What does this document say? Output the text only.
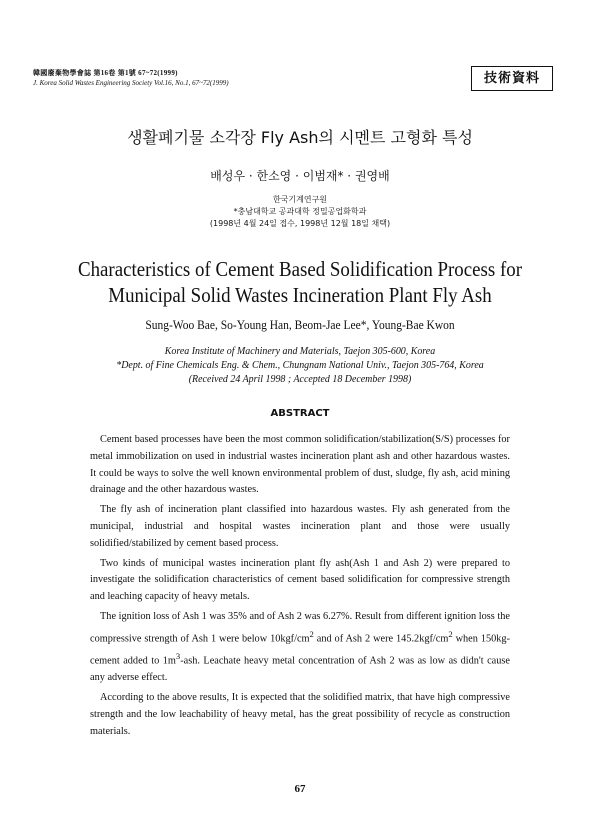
韓國廢棄物學會誌 第16卷 第1號 67~72(1999)
J. Korea Solid Wastes Engineering Society Vol.16, No.1, 67~72(1999)	技術資料
생활폐기물 소각장 Fly Ash의 시멘트 고형화 특성
배성우 · 한소영 · 이범재* · 권영배
한국기계연구원
*충남대학교 공과대학 정밀공업화학과
(1998년 4월 24일 접수, 1998년 12월 18일 채택)
Characteristics of Cement Based Solidification Process for
Municipal Solid Wastes Incineration Plant Fly Ash
Sung-Woo Bae, So-Young Han, Beom-Jae Lee*, Young-Bae Kwon
Korea Institute of Machinery and Materials, Taejon 305-600, Korea
*Dept. of Fine Chemicals Eng. & Chem., Chungnam National Univ., Taejon 305-764, Korea
(Received 24 April 1998 ; Accepted 18 December 1998)
ABSTRACT

Cement based processes have been the most common solidification/stabilization(S/S) processes for metal immobilization on used in industrial wastes incineration plant ash and other hazardous wastes. It could be ways to solve the well known environmental problem of dust, sludge, fly ash, acid mining drainage and the other hazardous wastes.

The fly ash of incineration plant classified into hazardous wastes. Fly ash generated from the municipal, industrial and hospital wastes incineration plant and those were usually solidified/stabilized by cement based process.

Two kinds of municipal wastes incineration plant fly ash(Ash 1 and Ash 2) were prepared to investigate the solidification characteristics of cement based solidification for compressive strength and leaching capacity of heavy metals.

The ignition loss of Ash 1 was 35% and of Ash 2 was 6.27%. Result from different ignition loss the compressive strength of Ash 1 were below $10kgf/cm^2$ and of Ash 2 were $145.2kgf/cm^2$ when 150kg-cement added to $1m^3$-ash. Leachate heavy metal concentration of Ash 2 was as low as didn't cause any adverse effect.

According to the above results, It is expected that the solidified matrix, that have high compressive strength and the low leachability of heavy metal, has the great possibility of recycle as construction materials.

67
